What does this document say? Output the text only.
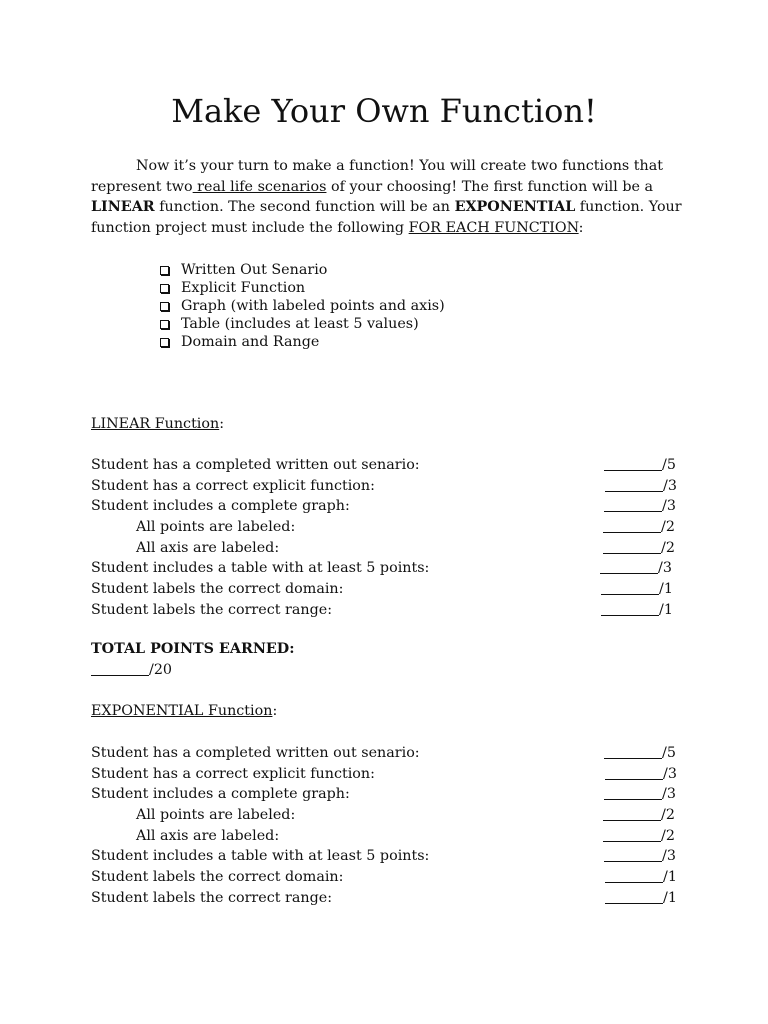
Make Your Own Function!

Now it’s your turn to make a function! You will create two functions that represent two real life scenarios of your choosing! The first function will be a LINEAR function. The second function will be an EXPONENTIAL function. Your function project must include the following FOR EACH FUNCTION:

Written Out Senario
Explicit Function
Graph (with labeled points and axis)
Table (includes at least 5 values)
Domain and Range

LINEAR Function:

Student has a completed written out senario:	/5
Student has a correct explicit function:	/3
Student includes a complete graph:	/3
All points are labeled:	/2
All axis are labeled:	/2
Student includes a table with at least 5 points:	/3
Student labels the correct domain:	/1
Student labels the correct range:	/1
TOTAL POINTS EARNED:
/20

EXPONENTIAL Function:

Student has a completed written out senario:	/5
Student has a correct explicit function:	/3
Student includes a complete graph:	/3
All points are labeled:	/2
All axis are labeled:	/2
Student includes a table with at least 5 points:	/3
Student labels the correct domain:	/1
Student labels the correct range:	/1
